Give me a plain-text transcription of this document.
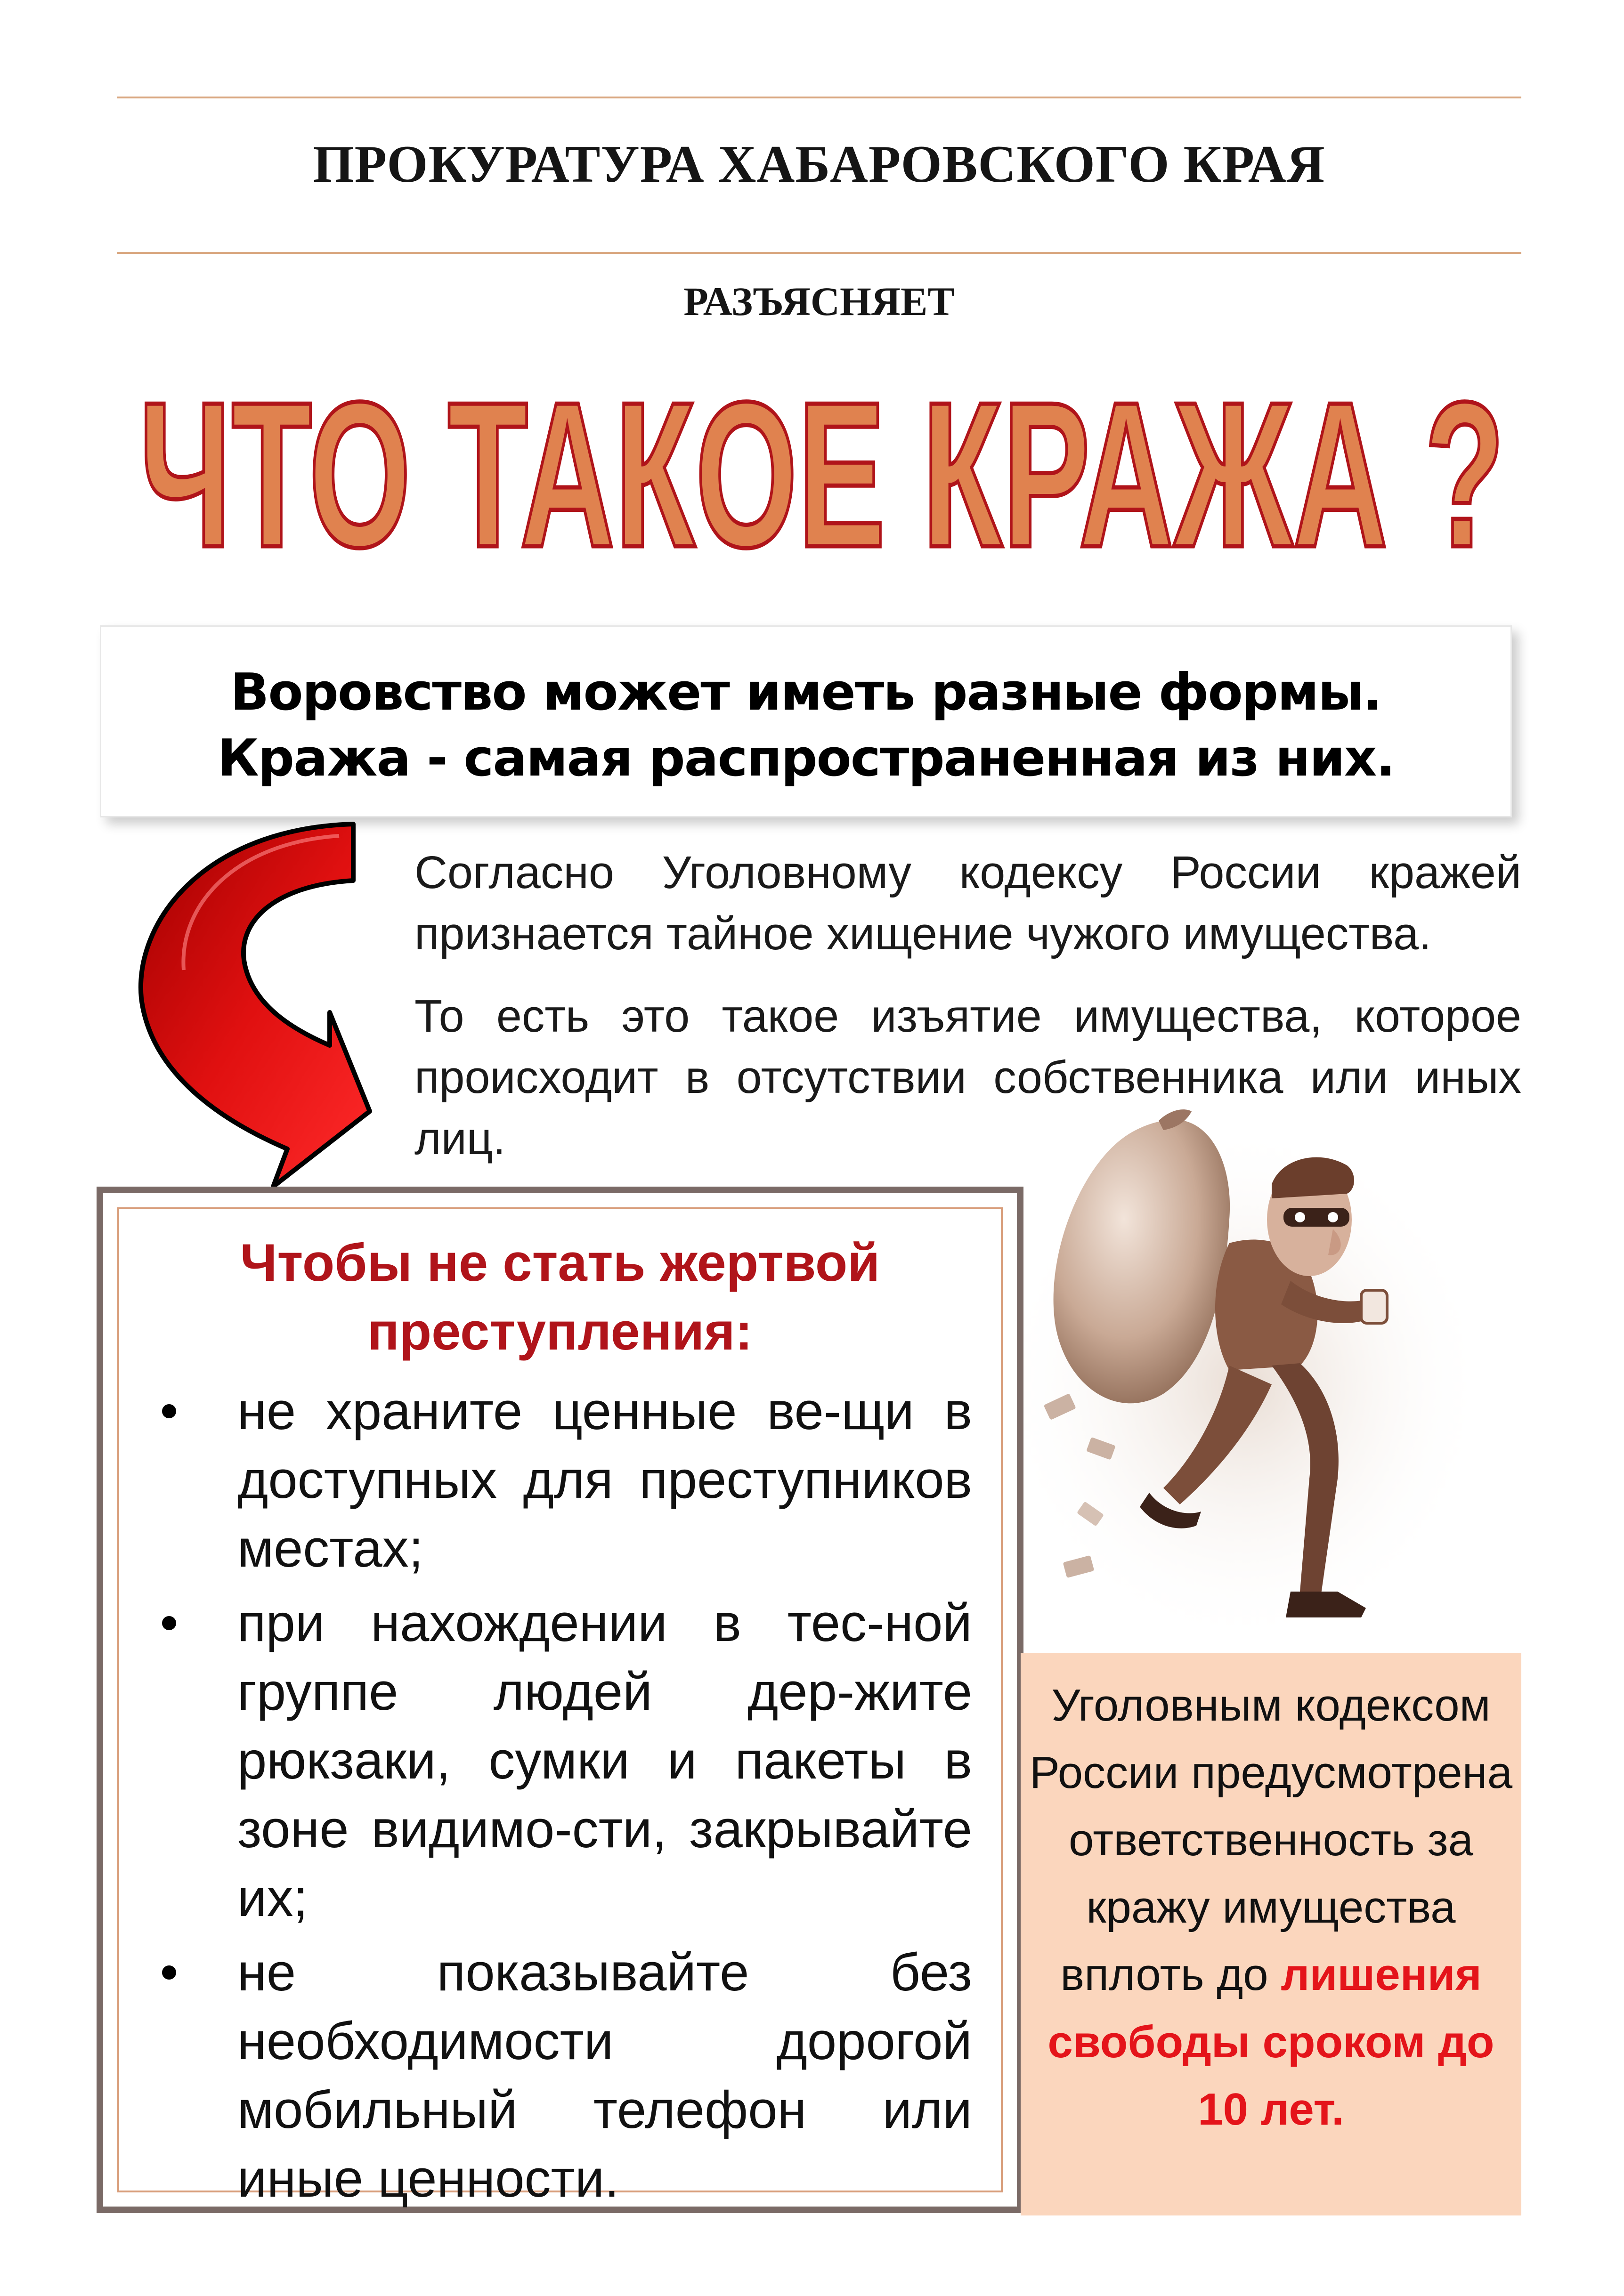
ПРОКУРАТУРА ХАБАРОВСКОГО КРАЯ
РАЗЪЯСНЯЕТ
ЧТО ТАКОЕ КРАЖА ?
Воровство может иметь разные формы.
Кража - самая распространенная из них.

Согласно Уголовному кодексу России кражей признается тайное хищение чужого имущества.

То есть это такое изъятие имущества, которое происходит в отсутствии собственника или иных лиц.

Чтобы не стать жертвой преступления:
не храните ценные ве-щи в доступных для преступников местах;
при нахождении в тес-ной группе людей дер-жите рюкзаки, сумки и пакеты в зоне видимо-сти, закрывайте их;
не показывайте без необходимости дорогой мобильный телефон или иные ценности.
Уголовным кодексом России предусмотрена ответственность за кражу имущества вплоть до лишения свободы сроком до 10 лет.
